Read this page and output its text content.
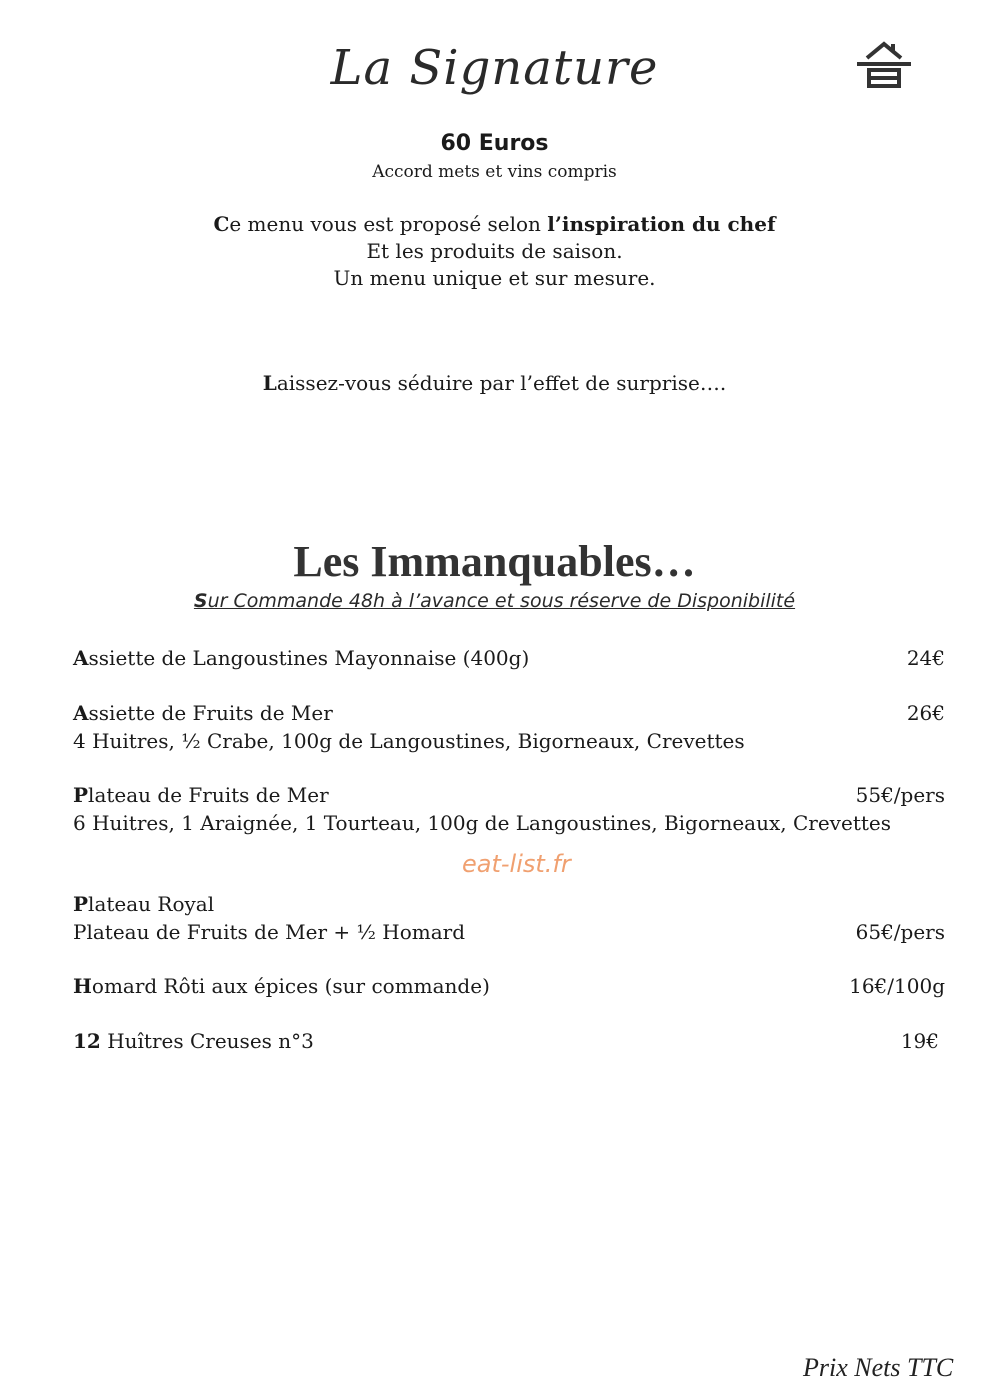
La Signature
60 Euros
Accord mets et vins compris
Ce menu vous est proposé selon l’inspiration du chef
Et les produits de saison.
Un menu unique et sur mesure.
Laissez-vous séduire par l’effet de surprise….
Les Immanquables…
Sur Commande 48h à l’avance et sous réserve de Disponibilité
Assiette de Langoustines Mayonnaise (400g)	24€
Assiette de Fruits de Mer	26€
4 Huitres, ½ Crabe, 100g de Langoustines, Bigorneaux, Crevettes
Plateau de Fruits de Mer	55€/pers
6 Huitres, 1 Araignée, 1 Tourteau, 100g de Langoustines, Bigorneaux, Crevettes
Plateau Royal
Plateau de Fruits de Mer + ½ Homard	65€/pers
Homard Rôti aux épices (sur commande)	16€/100g
12 Huîtres Creuses n°3	19€
eat-list.fr
Prix Nets TTC
